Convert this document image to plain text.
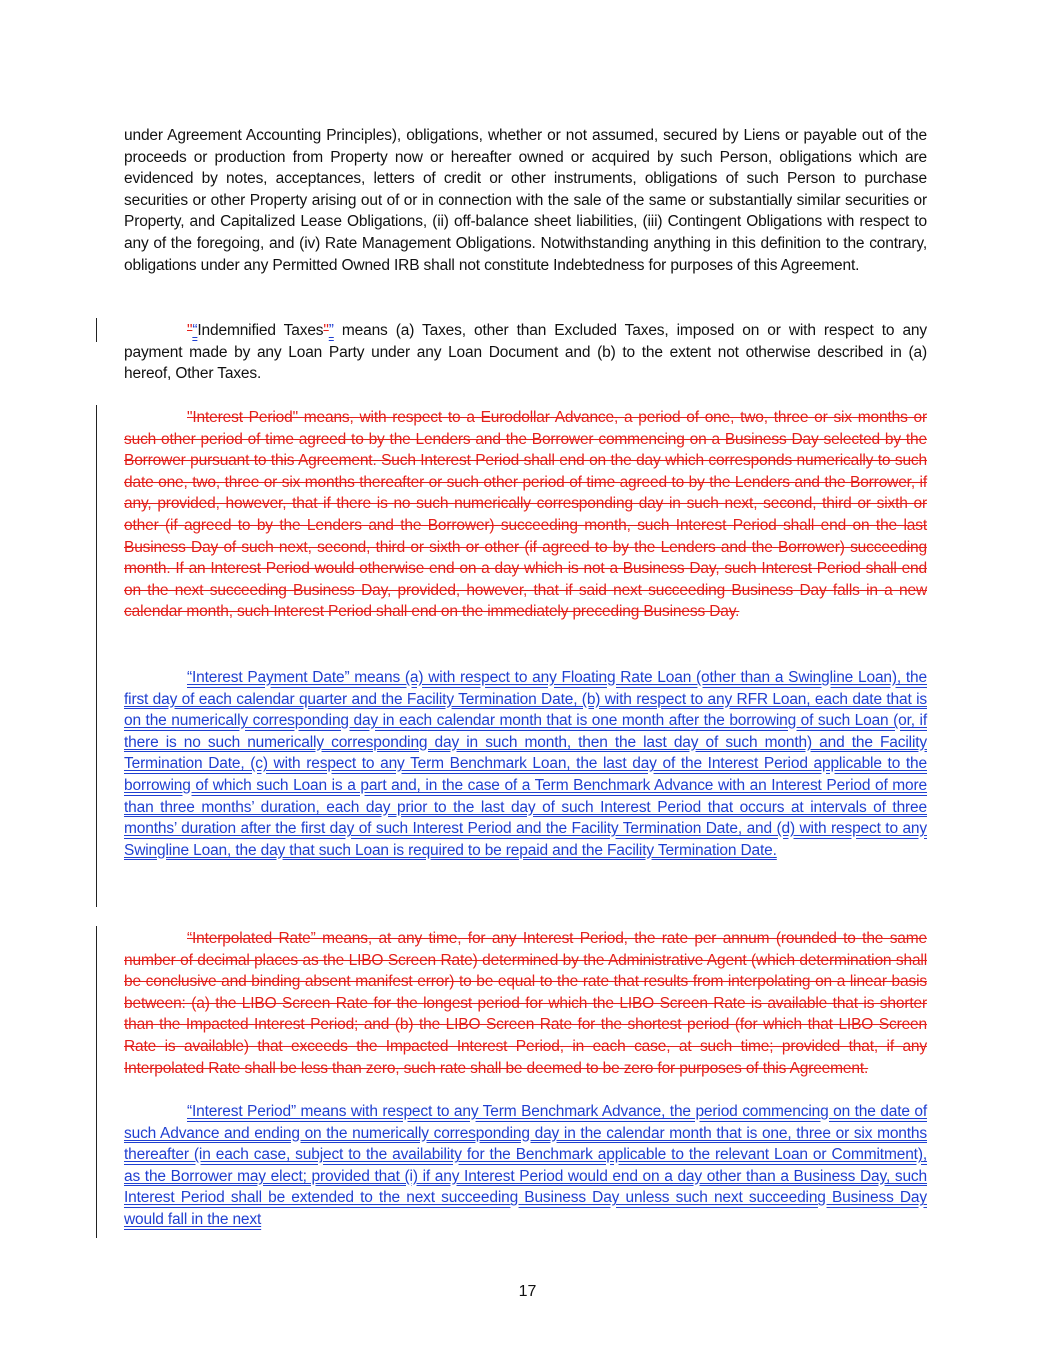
under Agreement Accounting Principles), obligations, whether or not assumed, secured by Liens or payable out of the proceeds or production from Property now or hereafter owned or acquired by such Person, obligations which are evidenced by notes, acceptances, letters of credit or other instruments, obligations of such Person to purchase securities or other Property arising out of or in connection with the sale of the same or substantially similar securities or Property, and Capitalized Lease Obligations, (ii) off-balance sheet liabilities, (iii) Contingent Obligations with respect to any of the foregoing, and (iv) Rate Management Obligations. Notwithstanding anything in this definition to the contrary, obligations under any Permitted Owned IRB shall not constitute Indebtedness for purposes of this Agreement.
"“Indemnified Taxes"” means (a) Taxes, other than Excluded Taxes, imposed on or with respect to any payment made by any Loan Party under any Loan Document and (b) to the extent not otherwise described in (a) hereof, Other Taxes.
"Interest Period" means, with respect to a Eurodollar Advance, a period of one, two, three or six months or such other period of time agreed to by the Lenders and the Borrower commencing on a Business Day selected by the Borrower pursuant to this Agreement. Such Interest Period shall end on the day which corresponds numerically to such date one, two, three or six months thereafter or such other period of time agreed to by the Lenders and the Borrower, if any, provided, however, that if there is no such numerically corresponding day in such next, second, third or sixth or other (if agreed to by the Lenders and the Borrower) succeeding month, such Interest Period shall end on the last Business Day of such next, second, third or sixth or other (if agreed to by the Lenders and the Borrower) succeeding month. If an Interest Period would otherwise end on a day which is not a Business Day, such Interest Period shall end on the next succeeding Business Day, provided, however, that if said next succeeding Business Day falls in a new calendar month, such Interest Period shall end on the immediately preceding Business Day.
“Interest Payment Date” means (a) with respect to any Floating Rate Loan (other than a Swingline Loan), the first day of each calendar quarter and the Facility Termination Date, (b) with respect to any RFR Loan, each date that is on the numerically corresponding day in each calendar month that is one month after the borrowing of such Loan (or, if there is no such numerically corresponding day in such month, then the last day of such month) and the Facility Termination Date, (c) with respect to any Term Benchmark Loan, the last day of the Interest Period applicable to the borrowing of which such Loan is a part and, in the case of a Term Benchmark Advance with an Interest Period of more than three months’ duration, each day prior to the last day of such Interest Period that occurs at intervals of three months’ duration after the first day of such Interest Period and the Facility Termination Date, and (d) with respect to any Swingline Loan, the day that such Loan is required to be repaid and the Facility Termination Date.
“Interpolated Rate” means, at any time, for any Interest Period, the rate per annum (rounded to the same number of decimal places as the LIBO Screen Rate) determined by the Administrative Agent (which determination shall be conclusive and binding absent manifest error) to be equal to the rate that results from interpolating on a linear basis between: (a) the LIBO Screen Rate for the longest period for which the LIBO Screen Rate is available that is shorter than the Impacted Interest Period; and (b) the LIBO Screen Rate for the shortest period (for which that LIBO Screen Rate is available) that exceeds the Impacted Interest Period, in each case, at such time; provided that, if any Interpolated Rate shall be less than zero, such rate shall be deemed to be zero for purposes of this Agreement.
“Interest Period” means with respect to any Term Benchmark Advance, the period commencing on the date of such Advance and ending on the numerically corresponding day in the calendar month that is one, three or six months thereafter (in each case, subject to the availability for the Benchmark applicable to the relevant Loan or Commitment), as the Borrower may elect; provided that (i) if any Interest Period would end on a day other than a Business Day, such Interest Period shall be extended to the next succeeding Business Day unless such next succeeding Business Day would fall in the next
17
